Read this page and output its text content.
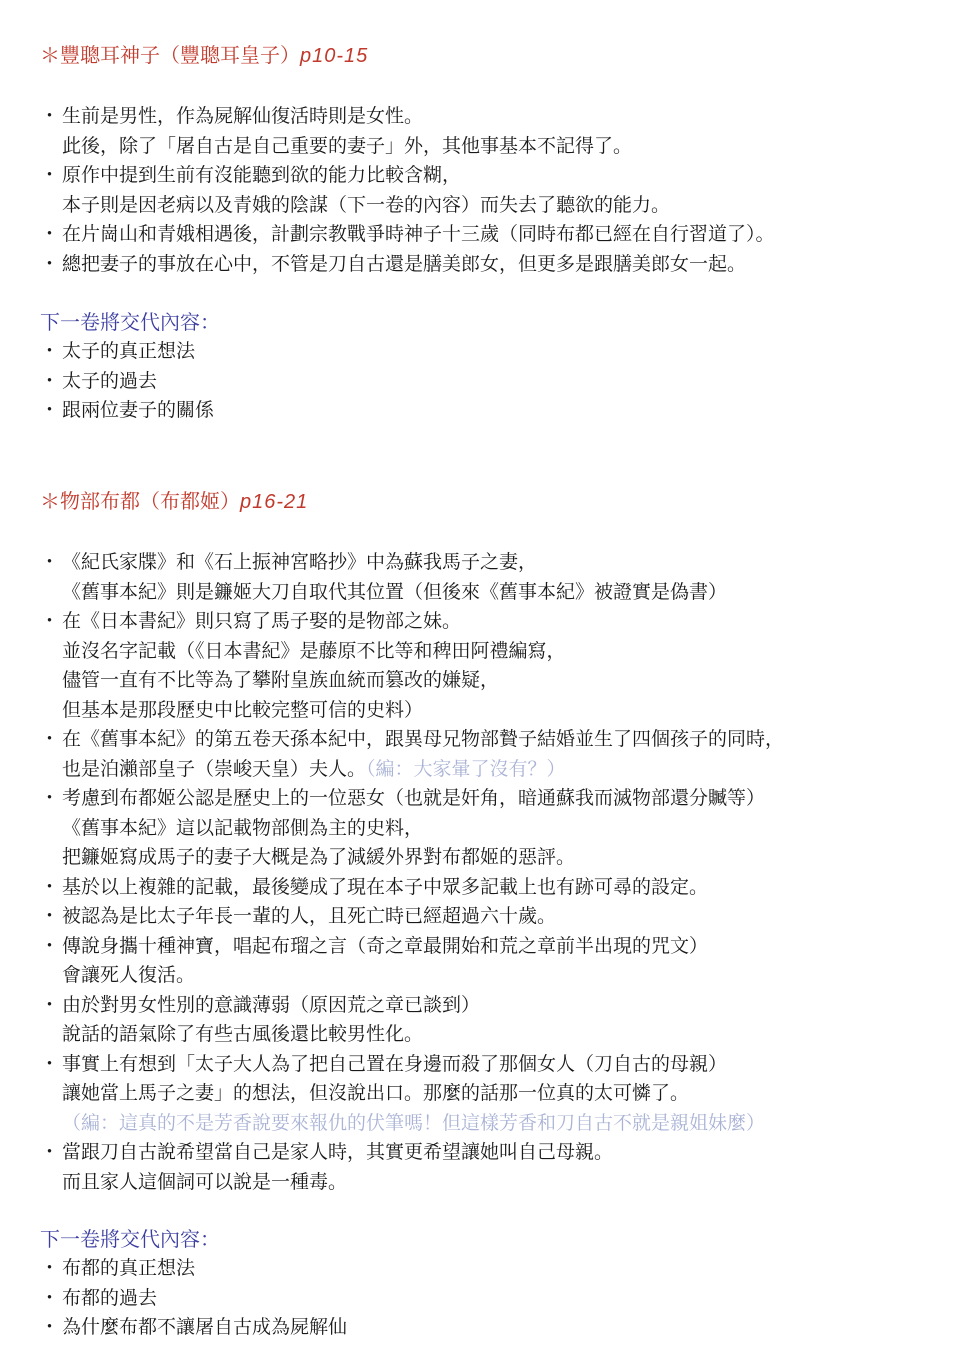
＊豐聰耳神子（豐聰耳皇子）p10-15
・ 生前是男性，作為屍解仙復活時則是女性。
此後，除了「屠自古是自己重要的妻子」外，其他事基本不記得了。
・ 原作中提到生前有沒能聽到欲的能力比較含糊，
本子則是因老病以及青娥的陰謀（下一卷的內容）而失去了聽欲的能力。
・ 在片崗山和青娥相遇後，計劃宗教戰爭時神子十三歲（同時布都已經在自行習道了）。
・ 總把妻子的事放在心中，不管是刀自古還是膳美郎女，但更多是跟膳美郎女一起。
下一卷將交代內容：
・ 太子的真正想法
・ 太子的過去
・ 跟兩位妻子的關係
＊物部布都（布都姬）p16-21
・ 《紀氏家牒》和《石上振神宮略抄》中為蘇我馬子之妻，
《舊事本紀》則是鐮姬大刀自取代其位置（但後來《舊事本紀》被證實是偽書）
・ 在《日本書紀》則只寫了馬子娶的是物部之妹。
並沒名字記載（《日本書紀》是藤原不比等和稗田阿禮編寫，
儘管一直有不比等為了攀附皇族血統而篡改的嫌疑，
但基本是那段歷史中比較完整可信的史料）
・ 在《舊事本紀》的第五卷天孫本紀中，跟異母兄物部贄子結婚並生了四個孩子的同時，
也是泊瀨部皇子（崇峻天皇）夫人。（編：大家暈了沒有？）
・ 考慮到布都姬公認是歷史上的一位惡女（也就是奸角，暗通蘇我而滅物部還分贓等）
《舊事本紀》這以記載物部側為主的史料，
把鐮姬寫成馬子的妻子大概是為了減緩外界對布都姬的惡評。
・ 基於以上複雜的記載，最後變成了現在本子中眾多記載上也有跡可尋的設定。
・ 被認為是比太子年長一輩的人，且死亡時已經超過六十歲。
・ 傳說身攜十種神寶，唱起布瑠之言（奇之章最開始和荒之章前半出現的咒文）
會讓死人復活。
・ 由於對男女性別的意識薄弱（原因荒之章已談到）
說話的語氣除了有些古風後還比較男性化。
・ 事實上有想到「太子大人為了把自己置在身邊而殺了那個女人（刀自古的母親）
讓她當上馬子之妻」的想法，但沒說出口。那麼的話那一位真的太可憐了。
（編：這真的不是芳香說要來報仇的伏筆嗎！但這樣芳香和刀自古不就是親姐妹麼）
・ 當跟刀自古說希望當自己是家人時，其實更希望讓她叫自己母親。
而且家人這個詞可以說是一種毒。
下一卷將交代內容：
・ 布都的真正想法
・ 布都的過去
・ 為什麼布都不讓屠自古成為屍解仙
